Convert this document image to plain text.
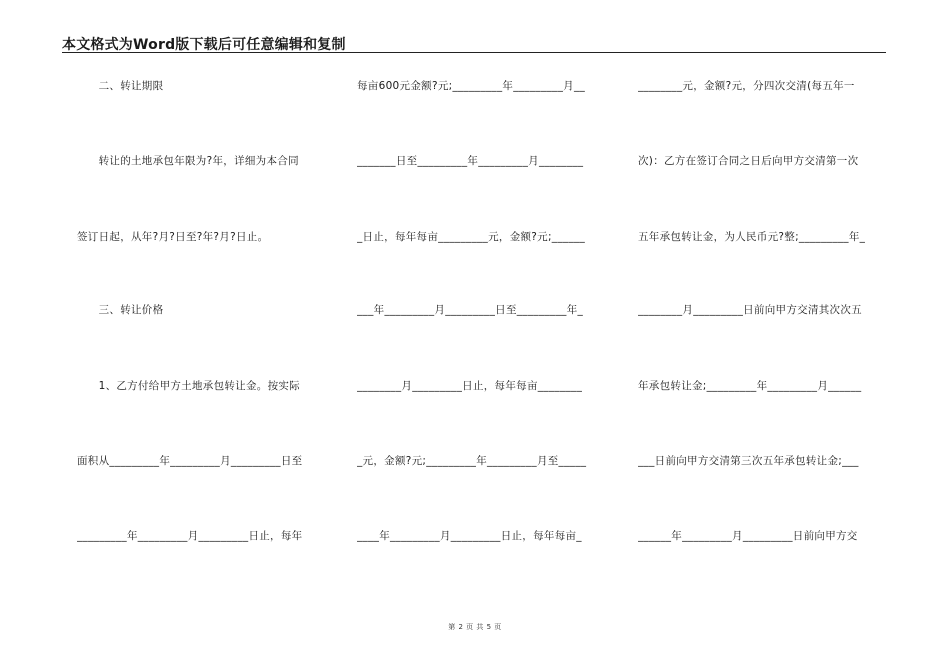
本文格式为Word版下载后可任意编辑和复制
　　二、转让期限
　　转让的土地承包年限为?年，详细为本合同
签订日起，从年?月?日至?年?月?日止。
　　三、转让价格
　　1、乙方付给甲方土地承包转让金。按实际
面积从_________年_________月_________日至
_________年_________月_________日止，每年
每亩600元金额?元;_________年_________月__
_______日至_________年_________月________
_日止，每年每亩_________元，金额?元;______
___年_________月_________日至_________年_
________月_________日止，每年每亩________
_元，金额?元;_________年_________月至_____
____年_________月_________日止，每年每亩_
________元，金额?元，分四次交清(每五年一
次)：乙方在签订合同之日后向甲方交清第一次
五年承包转让金，为人民币元?整;_________年_
________月_________日前向甲方交清其次次五
年承包转让金;_________年_________月______
___日前向甲方交清第三次五年承包转让金;___
______年_________月_________日前向甲方交
第 2 页 共 5 页
